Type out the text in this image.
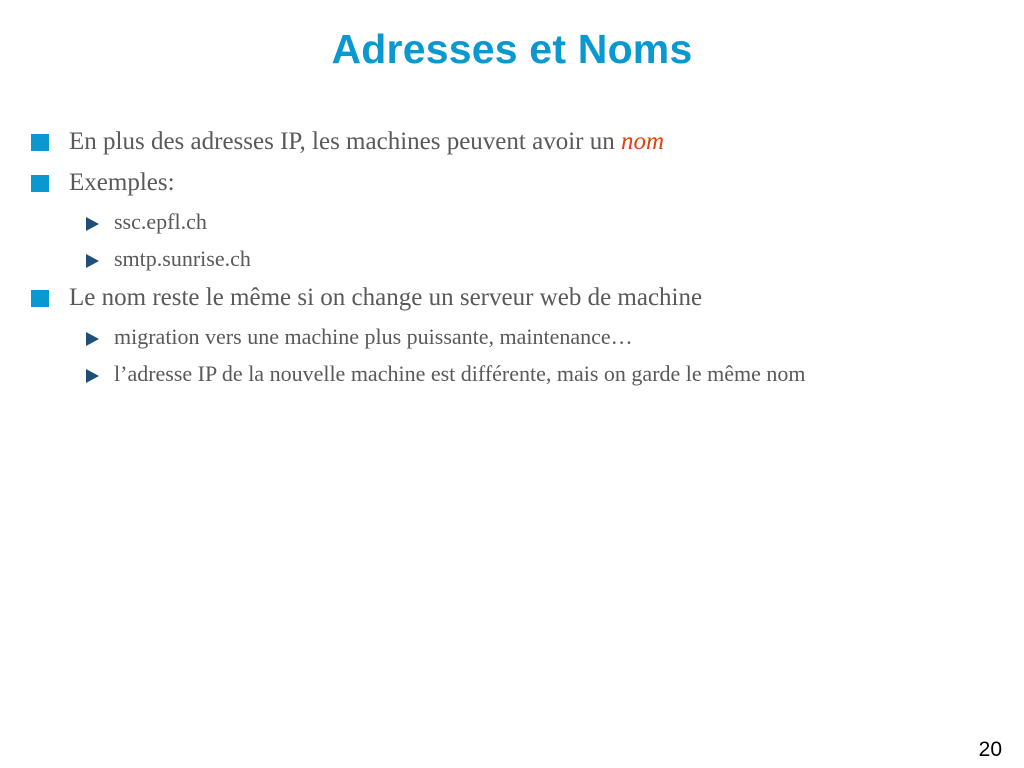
Adresses et Noms
En plus des adresses IP, les machines peuvent avoir un nom
Exemples:
ssc.epfl.ch
smtp.sunrise.ch
Le nom reste le même si on change un serveur web de machine
migration vers une machine plus puissante, maintenance…
l’adresse IP de la nouvelle machine est différente, mais on garde le même nom
20
